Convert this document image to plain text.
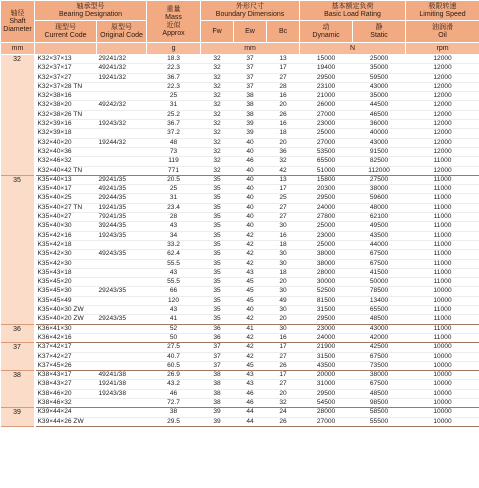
轴径
Shaft
Diameter	轴承型号
Bearing Designation		重量
Mass
近似
Approx	外形尺寸
Boundary Dimensions			基本额定负荷
Basic Load Rating		极限转速
Limiting Speed

	现型号
Current Code	原型号
Original Code		Fw	Ew	Bc	动
Dynamic	静
Static	油润滑
Oil

mm			g	mm			N		rpm

32	K32×37×13	29241/32	18.3	32	37	13	15000	25000	12000
	K32×37×17	49241/32	22.3	32	37	17	19400	35000	12000
	K32×37×27	19241/32	36.7	32	37	27	29500	59500	12000
	K32×37×28 TN		22.3	32	37	28	23100	43000	12000
	K32×38×16		25	32	38	16	21000	35000	12000
	K32×38×20	49242/32	31	32	38	20	26000	44500	12000
	K32×38×26 TN		25.2	32	38	26	27000	46500	12000
	K32×39×16	19243/32	36.7	32	39	16	23000	36000	12000
	K32×39×18		37.2	32	39	18	25000	40000	12000
	K32×40×20	19244/32	48	32	40	20	27000	43000	12000
	K32×40×36		73	32	40	36	53500	91500	12000
	K32×46×32		119	32	46	32	65500	82500	11000
	K32×40×42 TN		771	32	40	42	51000	112000	12000

35	K35×40×13	29241/35	20.5	35	40	13	15800	27500	11000
	K35×40×17	49241/35	25	35	40	17	20300	38000	11000
	K35×40×25	29244/35	31	35	40	25	29500	59600	11000
	K35×40×27 TN	19241/35	23.4	35	40	27	24000	48000	11000
	K35×40×27	79241/35	28	35	40	27	27800	62100	11000
	K35×40×30	39244/35	43	35	40	30	25000	49500	11000
	K35×42×16	19243/35	34	35	42	16	23000	43500	11000
	K35×42×18		33.2	35	42	18	25000	44000	11000
	K35×42×30	49243/35	62.4	35	42	30	38000	67500	11000
	K35×42×30		55.5	35	42	30	38000	67500	11000
	K35×43×18		43	35	43	18	28000	41500	11000
	K35×45×20		55.5	35	45	20	30000	50000	11000
	K35×45×30	29243/35	66	35	45	30	52500	78500	10000
	K35×45×49		120	35	45	49	81500	13400	10000
	K35×40×30 ZW		43	35	40	30	31500	65500	11000
	K35×40×20 ZW	29243/35	41	35	42	20	29500	48500	11000

36	K36×41×30		52	36	41	30	23000	43000	11000
	K36×42×16		50	36	42	16	24000	42000	11000

37	K37×42×17		27.5	37	42	17	21900	42500	10000
	K37×42×27		40.7	37	42	27	31500	67500	10000
	K37×45×26		60.5	37	45	26	43500	73500	10000

38	K38×43×17	49241/38	26.9	38	43	17	20000	38000	10000
	K38×43×27	19241/38	43.2	38	43	27	31000	67500	10000
	K38×46×20	19243/38	46	38	46	20	29500	48500	10000
	K38×46×32		72.7	38	46	32	54500	98500	10000

39	K39×44×24		38	39	44	24	28000	58500	10000
	K39×44×26 ZW		29.5	39	44	26	27000	55500	10000
